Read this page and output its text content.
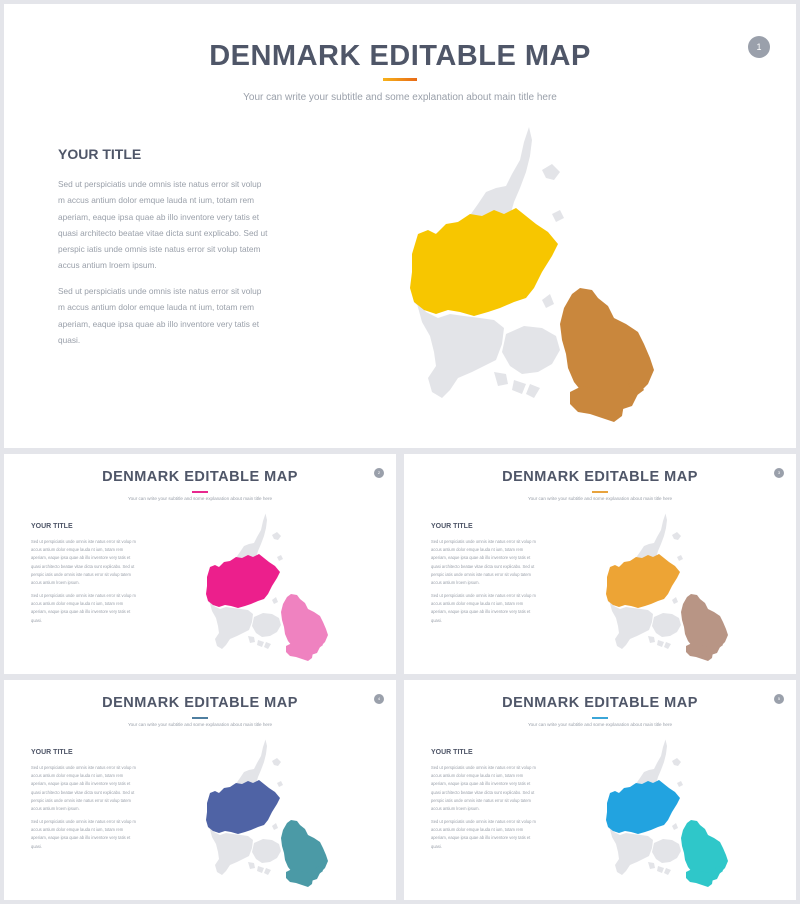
DENMARK EDITABLE MAP
Your can write your subtitle and some explanation about main title here
1
YOUR TITLE
Sed ut perspiciatis unde omnis iste natus error sit volup m accus antium dolor emque lauda nt ium, totam rem aperiam, eaque ipsa quae ab illo inventore very tatis et quasi architecto beatae vitae dicta sunt explicabo. Sed ut perspic iatis unde omnis iste natus error sit volup tatem accus antium lroem ipsum.
Sed ut perspiciatis unde omnis iste natus error sit volup m accus antium dolor emque lauda nt ium, totam rem aperiam, eaque ipsa quae ab illo inventore very tatis et quasi.
DENMARK EDITABLE MAP
Your can write your subtitle and some explanation about main title here
2
YOUR TITLE
Sed ut perspiciatis unde omnis iste natus error sit volup m accus antium dolor emque lauda nt ium, totam rem aperiam, eaque ipsa quae ab illo inventore very tatis et quasi architecto beatae vitae dicta sunt explicabo. Sed ut perspic iatis unde omnis iste natus error sit volup tatem accus antium lroem ipsum.
Sed ut perspiciatis unde omnis iste natus error sit volup m accus antium dolor emque lauda nt ium, totam rem aperiam, eaque ipsa quae ab illo inventore very tatis et quasi.
DENMARK EDITABLE MAP
Your can write your subtitle and some explanation about main title here
3
YOUR TITLE
Sed ut perspiciatis unde omnis iste natus error sit volup m accus antium dolor emque lauda nt ium, totam rem aperiam, eaque ipsa quae ab illo inventore very tatis et quasi architecto beatae vitae dicta sunt explicabo. Sed ut perspic iatis unde omnis iste natus error sit volup tatem accus antium lroem ipsum.
Sed ut perspiciatis unde omnis iste natus error sit volup m accus antium dolor emque lauda nt ium, totam rem aperiam, eaque ipsa quae ab illo inventore very tatis et quasi.
DENMARK EDITABLE MAP
Your can write your subtitle and some explanation about main title here
4
YOUR TITLE
Sed ut perspiciatis unde omnis iste natus error sit volup m accus antium dolor emque lauda nt ium, totam rem aperiam, eaque ipsa quae ab illo inventore very tatis et quasi architecto beatae vitae dicta sunt explicabo. Sed ut perspic iatis unde omnis iste natus error sit volup tatem accus antium lroem ipsum.
Sed ut perspiciatis unde omnis iste natus error sit volup m accus antium dolor emque lauda nt ium, totam rem aperiam, eaque ipsa quae ab illo inventore very tatis et quasi.
DENMARK EDITABLE MAP
Your can write your subtitle and some explanation about main title here
5
YOUR TITLE
Sed ut perspiciatis unde omnis iste natus error sit volup m accus antium dolor emque lauda nt ium, totam rem aperiam, eaque ipsa quae ab illo inventore very tatis et quasi architecto beatae vitae dicta sunt explicabo. Sed ut perspic iatis unde omnis iste natus error sit volup tatem accus antium lroem ipsum.
Sed ut perspiciatis unde omnis iste natus error sit volup m accus antium dolor emque lauda nt ium, totam rem aperiam, eaque ipsa quae ab illo inventore very tatis et quasi.
